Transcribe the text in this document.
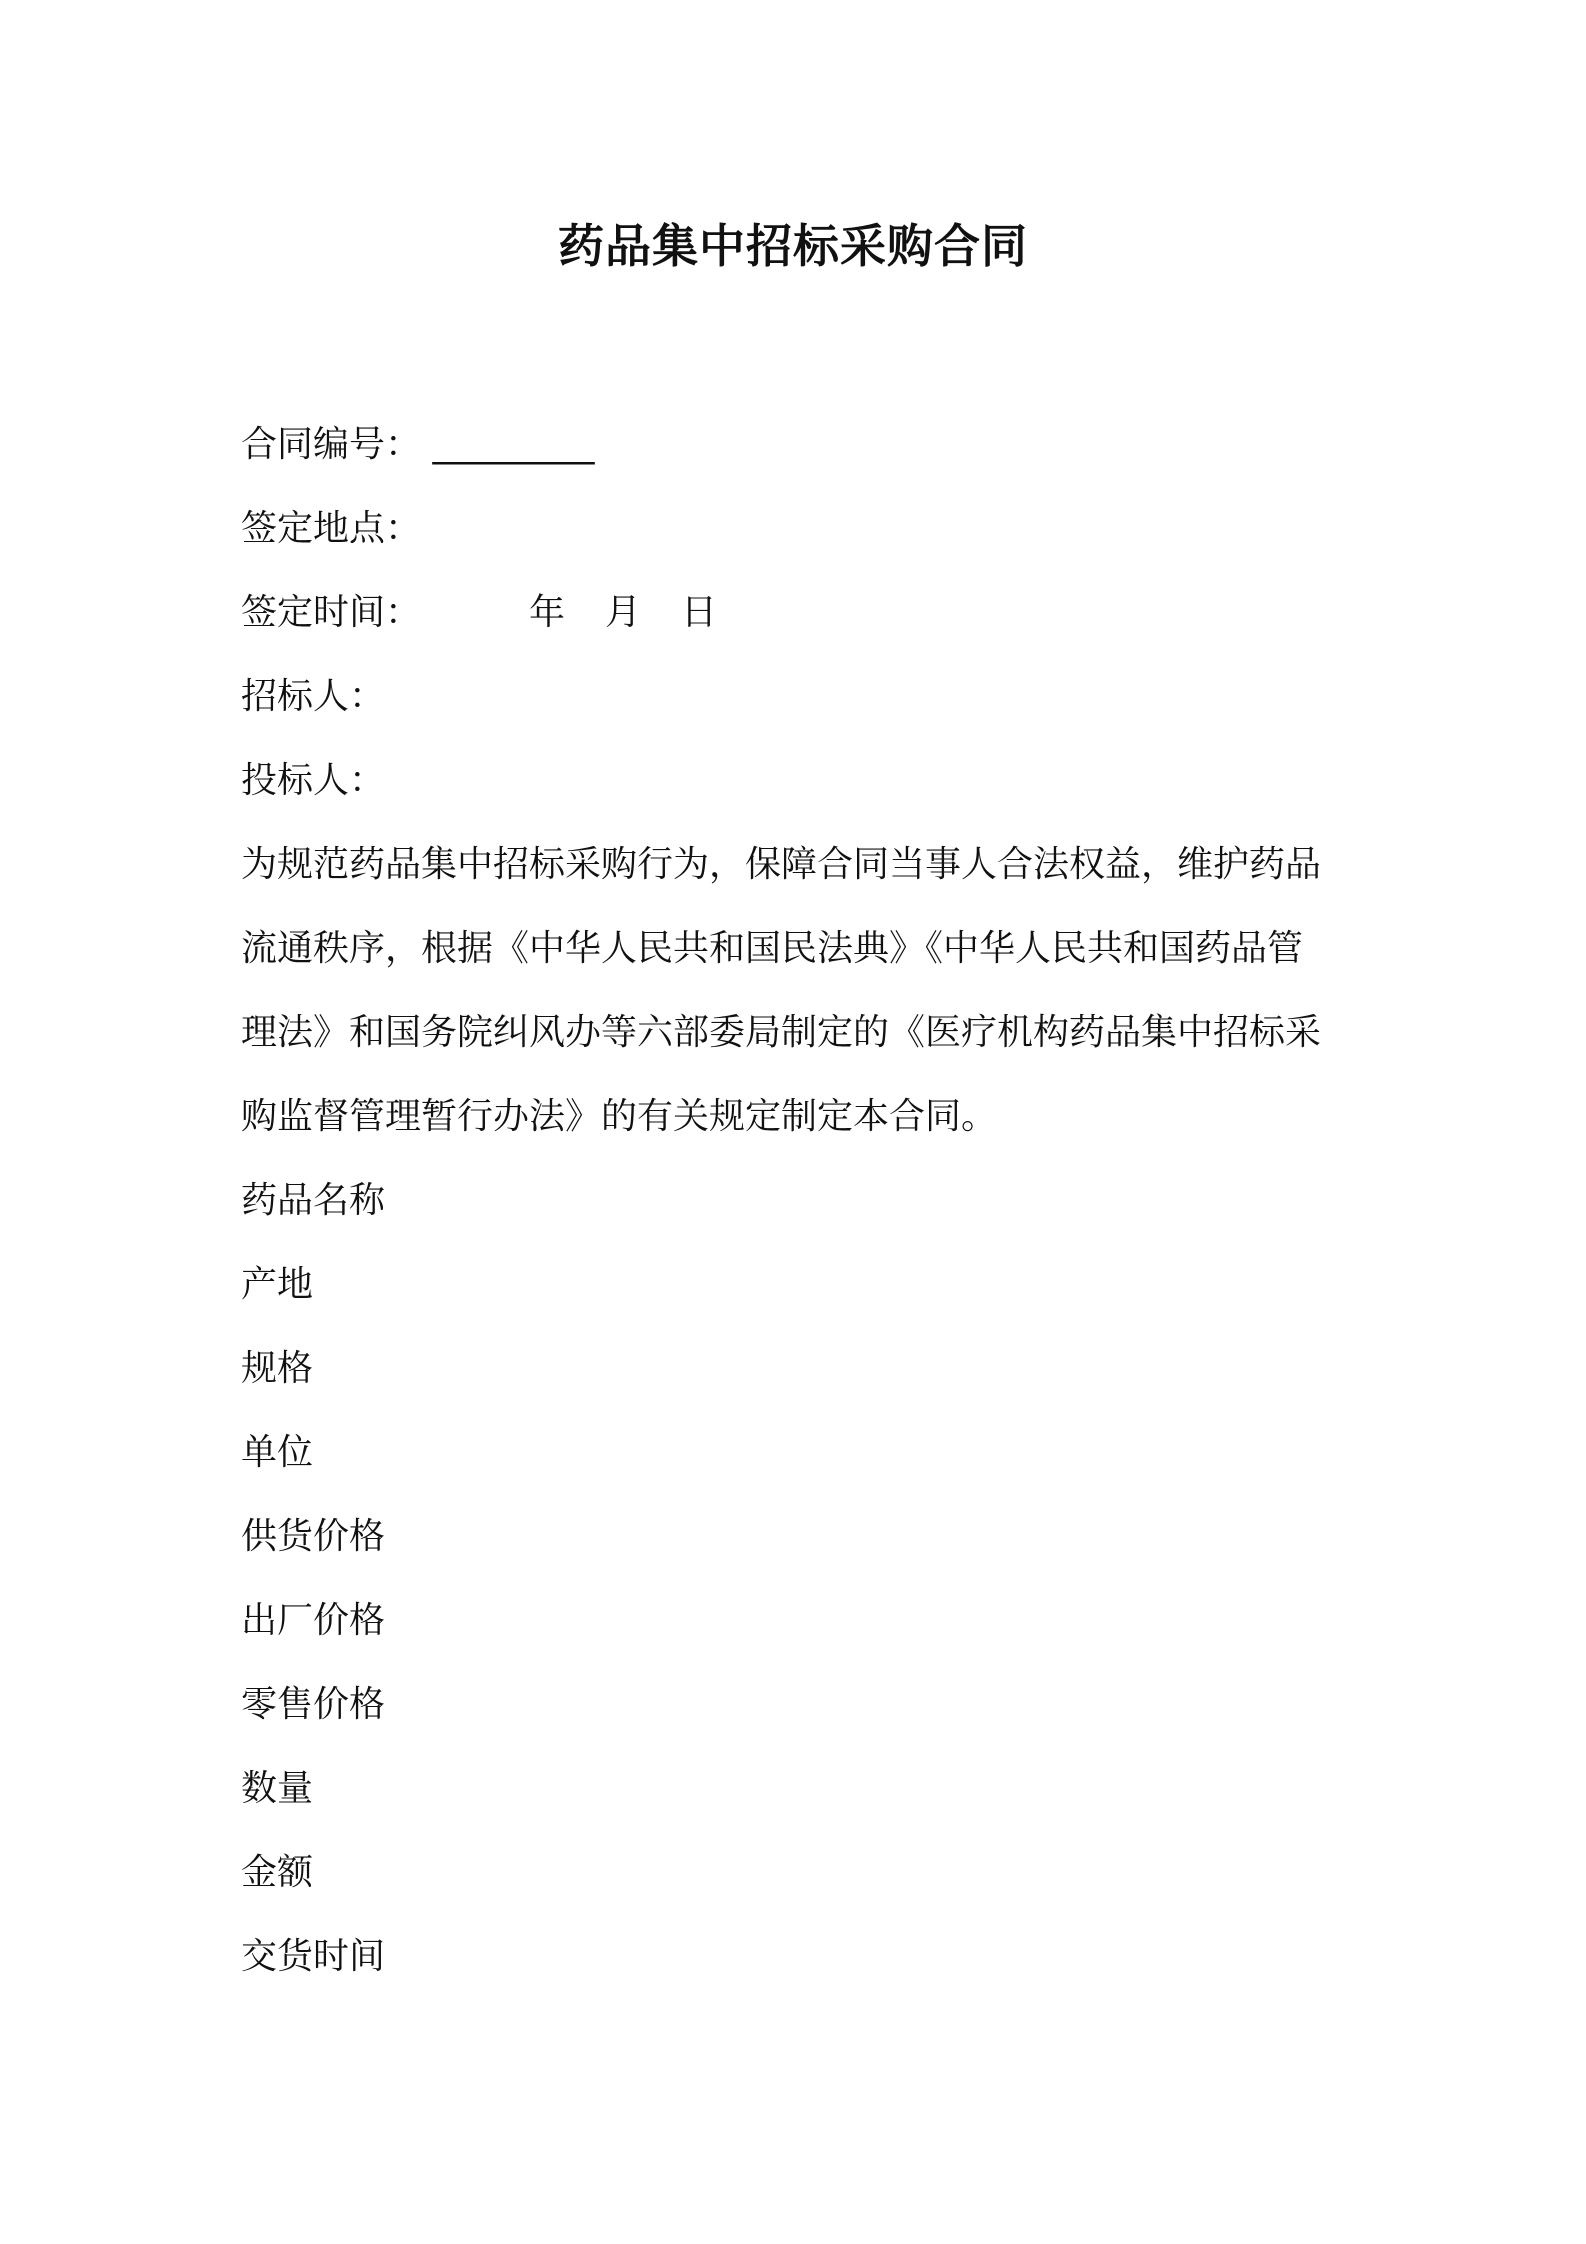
药品集中招标采购合同
合同编号： _________
签定地点：
签定时间：	年 月 日
招标人：
投标人：
为规范药品集中招标采购行为，保障合同当事人合法权益，维护药品
流通秩序，根据《中华人民共和国民法典》《中华人民共和国药品管
理法》和国务院纠风办等六部委局制定的《医疗机构药品集中招标采
购监督管理暂行办法》的有关规定制定本合同。
药品名称
产地
规格
单位
供货价格
出厂价格
零售价格
数量
金额
交货时间
